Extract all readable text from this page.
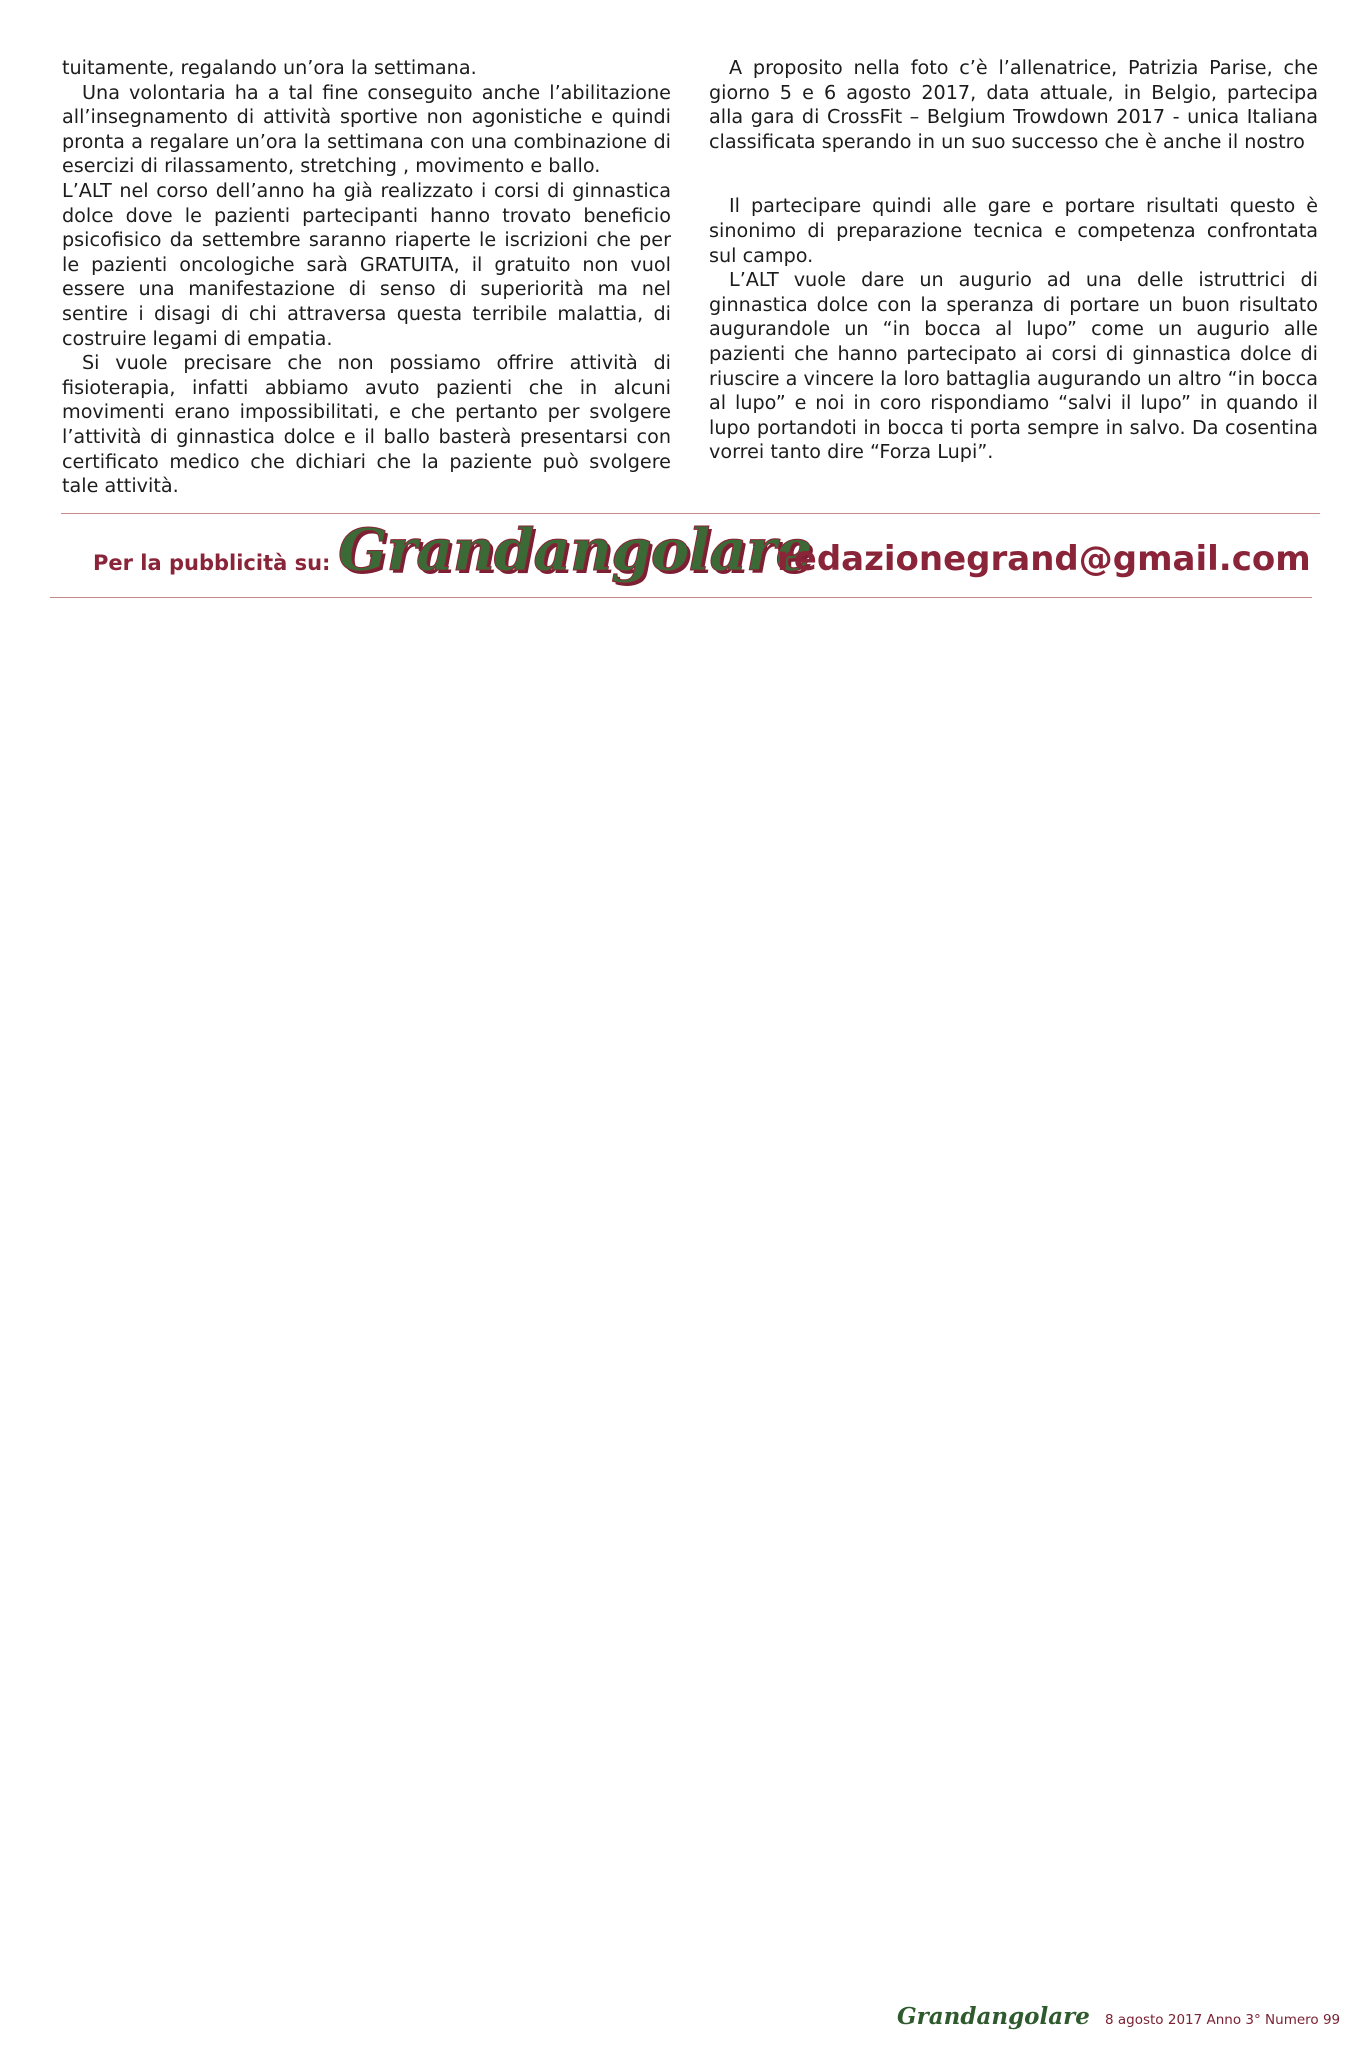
tuitamente, regalando un’ora la settimana.

Una volontaria ha a tal fine conseguito anche l’abilitazione all’insegnamento di attività sportive non agonistiche e quindi pronta a regalare un’ora la settimana con una combinazione di esercizi di rilassamento, stretching , movimento e ballo.

L’ALT nel corso dell’anno ha già realizzato i corsi di ginnastica dolce dove le pazienti partecipanti hanno trovato beneficio psicofisico da settembre saranno riaperte le iscrizioni che per le pazienti oncologiche sarà GRATUITA, il gratuito non vuol essere una manifestazione di senso di superiorità ma nel sentire i disagi di chi attraversa questa terribile malattia, di costruire legami di empatia.

Si vuole precisare che non possiamo offrire attività di fisioterapia, infatti abbiamo avuto pazienti che in alcuni movimenti erano impossibilitati, e che pertanto per svolgere l’attività di ginnastica dolce e il ballo basterà presentarsi con certificato medico che dichiari che la paziente può svolgere tale attività.

A proposito nella foto c’è l’allenatrice, Patrizia Parise, che giorno 5 e 6 agosto 2017, data attuale, in Belgio, partecipa alla gara di CrossFit – Belgium Trowdown 2017 - unica Italiana classificata sperando in un suo successo che è anche il nostro

Il partecipare quindi alle gare e portare risultati questo è sinonimo di preparazione tecnica e competenza confrontata sul campo.

L’ALT vuole dare un augurio ad una delle istruttrici di ginnastica dolce con la speranza di portare un buon risultato augurandole un “in bocca al lupo” come un augurio alle pazienti che hanno partecipato ai corsi di ginnastica dolce di riuscire a vincere la loro battaglia augurando un altro “in bocca al lupo” e noi in coro rispondiamo “salvi il lupo” in quando il lupo portandoti in bocca ti porta sempre in salvo. Da cosentina vorrei tanto dire “Forza Lupi”.

Per la pubblicità su: Grandangolare
redazionegrand@gmail.com
Grandangolare 8 agosto 2017 Anno 3° Numero 99
